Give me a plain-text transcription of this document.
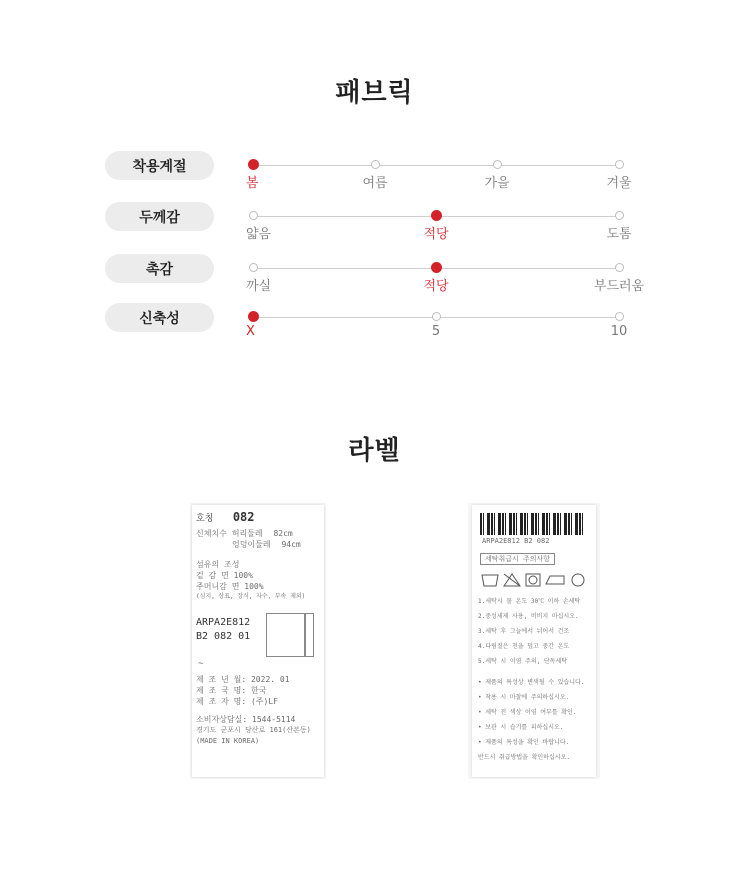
패브릭
착용계절
봄	여름	가을	겨울
두께감
얇음	적당	도톰
촉감
까실	적당	부드러움
신축성
X	5	10
라벨
호칭 082
신체치수 허리둘레 82cm
엉덩이둘레 94cm
섬유의 조성
겉 감 면 100%
주머니감 면 100%
(심지, 상표, 장식, 자수, 부속 제외)
ARPA2E812
B2 082 01
~
제 조 년 월: 2022. 01
제 조 국 명: 한국
제 조 자 명: (주)LF
소비자상담실: 1544-5114
경기도 군포시 당산로 161(산본동)
(MADE IN KOREA)
ARPA2E812 B2 082
세탁취급시 주의사항
1.세탁시 물 온도 30℃ 이하 손세탁
2.중성세제 사용, 비비지 마십시오.
3.세탁 후 그늘에서 뉘어서 건조
4.다림질은 천을 덮고 중간 온도
5.세탁 시 이염 주의, 단독세탁
• 제품의 특성상 변색될 수 있습니다.
• 착용 시 마찰에 주의하십시오.
• 세탁 전 색상 이염 여부를 확인.
• 보관 시 습기를 피하십시오.
• 제품의 특성을 확인 바랍니다.
반드시 취급방법을 확인하십시오.
